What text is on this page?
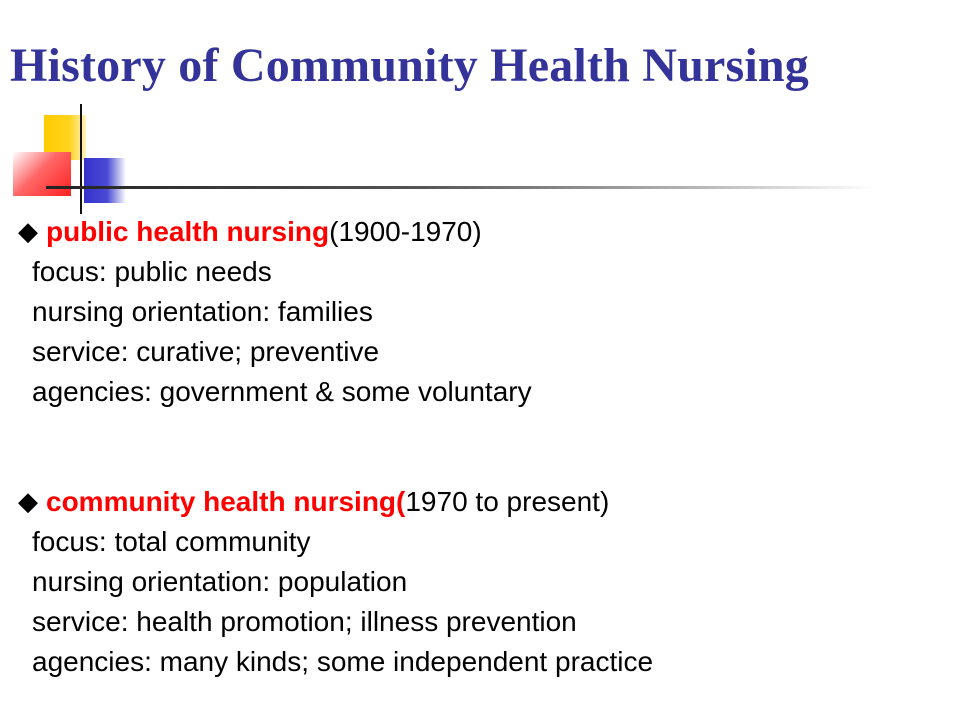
History of Community Health Nursing
◆ public health nursing(1900-1970)
focus: public needs
nursing orientation: families
service: curative; preventive
agencies: government & some voluntary
◆ community health nursing(1970 to present)
focus: total community
nursing orientation: population
service: health promotion; illness prevention
agencies: many kinds; some independent practice
